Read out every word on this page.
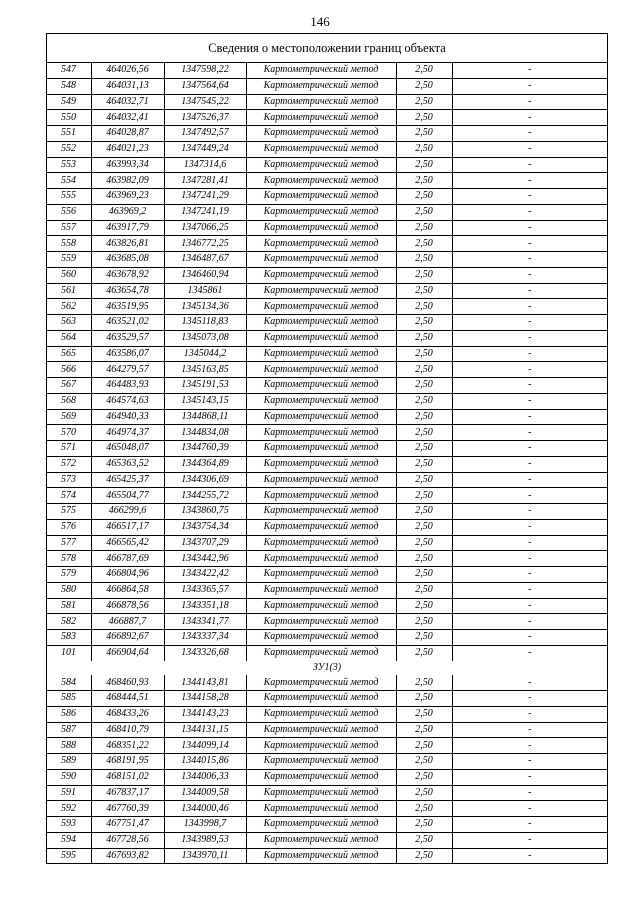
146
Сведения о местоположении границ объекта
547	464026,56	1347598,22	Картометрический метод	2,50	-
548	464031,13	1347564,64	Картометрический метод	2,50	-
549	464032,71	1347545,22	Картометрический метод	2,50	-
550	464032,41	1347526,37	Картометрический метод	2,50	-
551	464028,87	1347492,57	Картометрический метод	2,50	-
552	464021,23	1347449,24	Картометрический метод	2,50	-
553	463993,34	1347314,6	Картометрический метод	2,50	-
554	463982,09	1347281,41	Картометрический метод	2,50	-
555	463969,23	1347241,29	Картометрический метод	2,50	-
556	463969,2	1347241,19	Картометрический метод	2,50	-
557	463917,79	1347066,25	Картометрический метод	2,50	-
558	463826,81	1346772,25	Картометрический метод	2,50	-
559	463685,08	1346487,67	Картометрический метод	2,50	-
560	463678,92	1346460,94	Картометрический метод	2,50	-
561	463654,78	1345861	Картометрический метод	2,50	-
562	463519,95	1345134,36	Картометрический метод	2,50	-
563	463521,02	1345118,83	Картометрический метод	2,50	-
564	463529,57	1345073,08	Картометрический метод	2,50	-
565	463586,07	1345044,2	Картометрический метод	2,50	-
566	464279,57	1345163,85	Картометрический метод	2,50	-
567	464483,93	1345191,53	Картометрический метод	2,50	-
568	464574,63	1345143,15	Картометрический метод	2,50	-
569	464940,33	1344868,11	Картометрический метод	2,50	-
570	464974,37	1344834,08	Картометрический метод	2,50	-
571	465048,07	1344760,39	Картометрический метод	2,50	-
572	465363,52	1344364,89	Картометрический метод	2,50	-
573	465425,37	1344306,69	Картометрический метод	2,50	-
574	465504,77	1344255,72	Картометрический метод	2,50	-
575	466299,6	1343860,75	Картометрический метод	2,50	-
576	466517,17	1343754,34	Картометрический метод	2,50	-
577	466565,42	1343707,29	Картометрический метод	2,50	-
578	466787,69	1343442,96	Картометрический метод	2,50	-
579	466804,96	1343422,42	Картометрический метод	2,50	-
580	466864,58	1343365,57	Картометрический метод	2,50	-
581	466878,56	1343351,18	Картометрический метод	2,50	-
582	466887,7	1343341,77	Картометрический метод	2,50	-
583	466892,67	1343337,34	Картометрический метод	2,50	-
101	466904,64	1343326,68	Картометрический метод	2,50	-
ЗУ1(3)					
584	468460,93	1344143,81	Картометрический метод	2,50	-
585	468444,51	1344158,28	Картометрический метод	2,50	-
586	468433,26	1344143,23	Картометрический метод	2,50	-
587	468410,79	1344131,15	Картометрический метод	2,50	-
588	468351,22	1344099,14	Картометрический метод	2,50	-
589	468191,95	1344015,86	Картометрический метод	2,50	-
590	468151,02	1344006,33	Картометрический метод	2,50	-
591	467837,17	1344009,58	Картометрический метод	2,50	-
592	467760,39	1344000,46	Картометрический метод	2,50	-
593	467751,47	1343998,7	Картометрический метод	2,50	-
594	467728,56	1343989,53	Картометрический метод	2,50	-
595	467693,82	1343970,11	Картометрический метод	2,50	-
